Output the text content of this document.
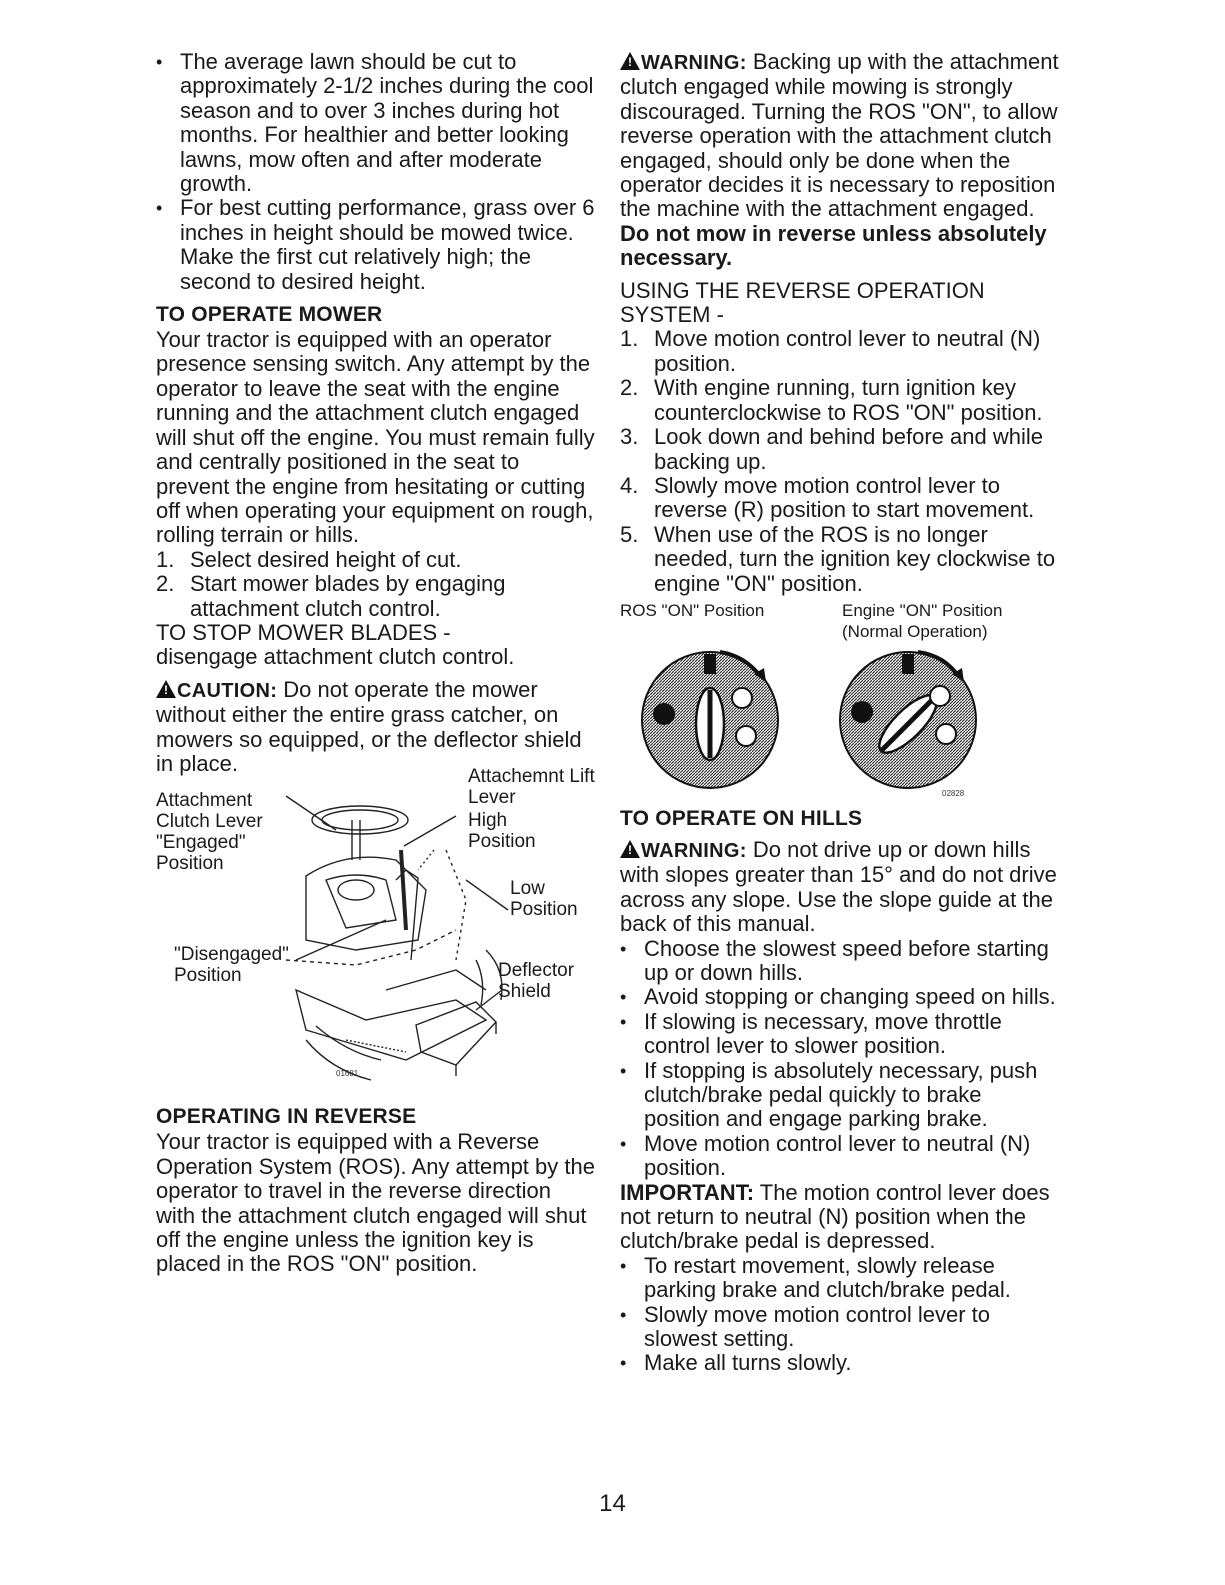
• The average lawn should be cut to approximately 2-1/2 inches during the cool season and to over 3 inches during hot months. For healthier and better looking lawns, mow often and after moderate growth.
• For best cutting performance, grass over 6 inches in height should be mowed twice. Make the first cut relatively high; the second to desired height.
TO OPERATE MOWER

Your tractor is equipped with an operator presence sensing switch. Any attempt by the operator to leave the seat with the engine running and the attachment clutch engaged will shut off the engine. You must remain fully and centrally positioned in the seat to prevent the engine from hesitating or cutting off when operating your equipment on rough, rolling terrain or hills.

1. Select desired height of cut.
2. Start mower blades by engaging attachment clutch control.

TO STOP MOWER BLADES -

disengage attachment clutch control.

!CAUTION: Do not operate the mower without either the entire grass catcher, on mowers so equipped, or the deflector shield in place.

01681
Attachment Clutch Lever "Engaged" Position
Attachemnt Lift Lever
High Position
Low Position
"Disengaged" Position	Deflector Shield
OPERATING IN REVERSE

Your tractor is equipped with a Reverse Operation System (ROS). Any attempt by the operator to travel in the reverse direction with the attachment clutch engaged will shut off the engine unless the ignition key is placed in the ROS "ON" position.

!WARNING: Backing up with the attachment clutch engaged while mowing is strongly discouraged. Turning the ROS "ON", to allow reverse operation with the attachment clutch engaged, should only be done when the operator decides it is necessary to reposition the machine with the attachment engaged. Do not mow in reverse unless absolutely necessary.

USING THE REVERSE OPERATION SYSTEM -

1. Move motion control lever to neutral (N) position.
2. With engine running, turn ignition key counterclockwise to ROS "ON" position.
3. Look down and behind before and while backing up.
4. Slowly move motion control lever to reverse (R) position to start movement.
5. When use of the ROS is no longer needed, turn the ignition key clockwise to engine "ON" position.
ROS "ON" Position	Engine "ON" Position (Normal Operation)
02828
TO OPERATE ON HILLS

!WARNING: Do not drive up or down hills with slopes greater than 15° and do not drive across any slope. Use the slope guide at the back of this manual.

• Choose the slowest speed before starting up or down hills.
• Avoid stopping or changing speed on hills.
• If slowing is necessary, move throttle control lever to slower position.
• If stopping is absolutely necessary, push clutch/brake pedal quickly to brake position and engage parking brake.
• Move motion control lever to neutral (N) position.

IMPORTANT: The motion control lever does not return to neutral (N) position when the clutch/brake pedal is depressed.

• To restart movement, slowly release parking brake and clutch/brake pedal.
• Slowly move motion control lever to slowest setting.
• Make all turns slowly.
14
